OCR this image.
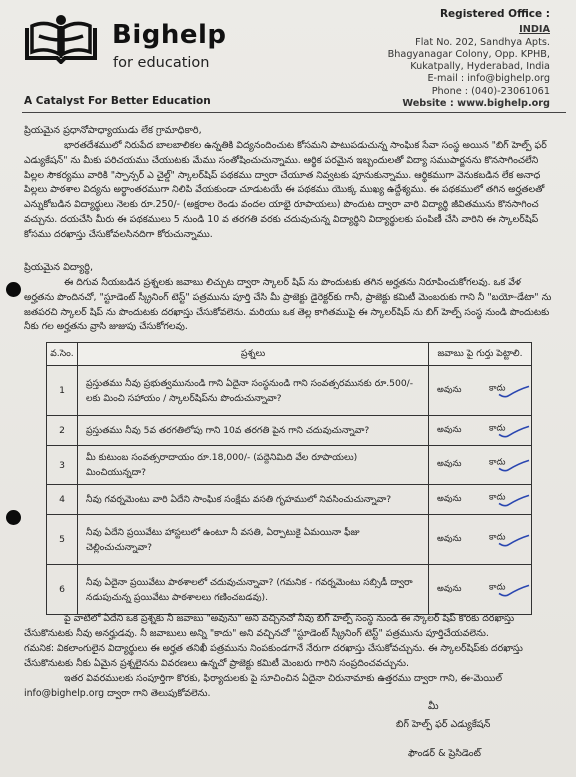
Bighelp
for education
A Catalyst For Better Education
Registered Office :
INDIA
Flat No. 202, Sandhya Apts.
Bhagyanagar Colony, Opp. KPHB,
Kukatpally, Hyderabad, India
E-mail : info@bighelp.org
Phone : (040)-23061061
Website : www.bighelp.org
ప్రియమైన ప్రధానోపాధ్యాయుడు లేక గ్రామాధికారి,
భారతదేశములో నిరుపేద బాలబాలికల ఉన్నతికి విద్యనందించుట కోసమని పాటుపడుచున్న సాంఘిక సేవా సంస్థ అయిన "బిగ్ హెల్ప్ ఫర్ ఎడ్యుకేషన్" ను మీకు పరిచయము చేయుటకు మేము సంతోషించుచున్నాము. ఆర్థిక పరమైన ఇబ్బందులతో విద్యా సముపార్జనను కొనసాగించలేని పిల్లల సౌకర్యము వారికి "స్పాన్సర్ ఎ చైల్డ్" స్కాలర్‌షిప్ పథకము ద్వారా చేయూత నివ్వటకు పూనుకున్నాము. ఆర్థికముగా వెనుకబడిన లేక అనాధ పిల్లలు పాఠశాల విద్యను అర్థాంతరముగా నిలిపి వేయకుండా చూడుటయే ఈ పథకము యొక్క ముఖ్య ఉద్దేశ్యము. ఈ పథకములో తగిన అర్హతలతో ఎన్నుకోబడిన విద్యార్థులు నెలకు రూ.250/- (అక్షరాల రెండు వందల యాభై రూపాయలు) పొందుట ద్వారా వారి విద్యార్థి జీవితమును కొనసాగించ వచ్చును. దయచేసి మీరు ఈ పథకములు 5 నుండి 10 వ తరగతి వరకు చదువుచున్న విద్యార్థిని విద్యార్థులకు పంపిణీ చేసి వారిని ఈ స్కాలర్‌షిప్ కోసము దరఖాస్తు చేసుకోవలసినదిగా కోరుచున్నాము.
ప్రియమైన విద్యార్థి,
ఈ దిగువ నీయబడిన ప్రశ్నలకు జవాబు లిచ్చుట ద్వారా స్కాలర్ షిప్ ను పొందుటకు తగిన అర్హతను నిరూపించుకోగలవు. ఒక వేళ అర్హతను పొందినచో, "స్టూడెంట్ స్క్రీనింగ్ టెస్ట్" పత్రమును పూర్తి చేసి మీ ప్రాజెక్టు డైరెక్టర్‌కు గానీ, ప్రాజెక్టు కమిటీ మెంబరుకు గాని నీ "బయో-డేటా" ను జతపరచి స్కాలర్ షిప్ ను పొందుటకు దరఖాస్తు చేసుకోవలెను. మరియు ఒక తెల్ల కాగితముపై ఈ స్కాలర్‌షిప్ ను బిగ్ హెల్ప్ సంస్థ నుండి పొందుటకు నీకు గల అర్హతను వ్రాసి జుజుపు చేసుకోగలవు.
వ.సెం.	ప్రశ్నలు	జవాబు పై గుర్తు పెట్టాలి.
1	ప్రస్తుతము నీవు ప్రభుత్వమునుండి గాని ఏదైనా సంస్థనుండి గాని సంవత్సరమునకు రూ.500/- లకు మించి సహాయం / స్కాలర్‌షిప్‌ను పొందుచున్నావా?	అవును కాదు

2	ప్రస్తుతము నీవు 5వ తరగతిలోపు గాని 10వ తరగతి పైన గాని చదువుచున్నావా?	అవును కాదు

3	మీ కుటుంబ సంవత్సరాదాయం రూ.18,000/- (పద్దెనిమిది వేల రూపాయలు) మించియున్నదా?	అవును కాదు

4	నీవు గవర్నమెంటు వారి ఏదేని సాంఘిక సంక్షేమ వసతి గృహములో నివసించుచున్నావా?	అవును కాదు

5	నీవు ఏదేని ప్రయివేటు హాస్టలులో ఉంటూ నీ వసతి, ఏర్పాటుకై ఏమయినా ఫీజు చెల్లించుచున్నావా?	అవును కాదు

6	నీవు ఏదైనా ప్రయివేటు పాఠశాలలో చదువుచున్నావా? (గమనిక - గవర్నమెంటు సబ్సిడీ ద్వారా నడుపుచున్న ప్రయివేటు పాఠశాలలు గణించబడవు).	అవును కాదు
పై వాటిలో ఏదేని ఒక ప్రశ్నకు నీ జవాబు "అవును" అని వచ్చినచో నీవు బిగ్ హెల్ప్ సంస్థ నుండి ఈ స్కాలర్ షిప్ కొరకు దరఖాస్తు చేసుకొనుటకు నీవు అనర్హుడవు. నీ జవాబులు అన్ని "కాదు" అని వచ్చినచో "స్టూడెంట్ స్క్రీనింగ్ టెస్ట్" పత్రమును పూర్తిచేయవలెను.
గమనిక: వికలాంగులైన విద్యార్థులు ఈ అర్హత తనిఖీ పత్రమును నింపకుండగానే నేరుగా దరఖాస్తు చేసుకోవచ్చును. ఈ స్కాలర్‌షిప్‌కు దరఖాస్తు చేసుకొనుటకు నీకు ఏమైన ప్రశ్నలైనను వివరణలు ఉన్నచో ప్రాజెక్టు కమిటీ మెంబరు గారిని సంప్రదించవచ్చును.
ఇతర వివరములకు సంపూర్తిగా కొరకు, ఫిర్యాదులకు పై సూచించిన ఏదైనా చిరునామాకు ఉత్తరము ద్వారా గాని, ఈ-మెయిల్ info@bighelp.org ద్వారా గాని తెలుపుకోవలెను.
మీ
బిగ్ హెల్ప్ ఫర్ ఎడ్యుకేషన్
ఫౌండర్ & ప్రెసిడెంట్
